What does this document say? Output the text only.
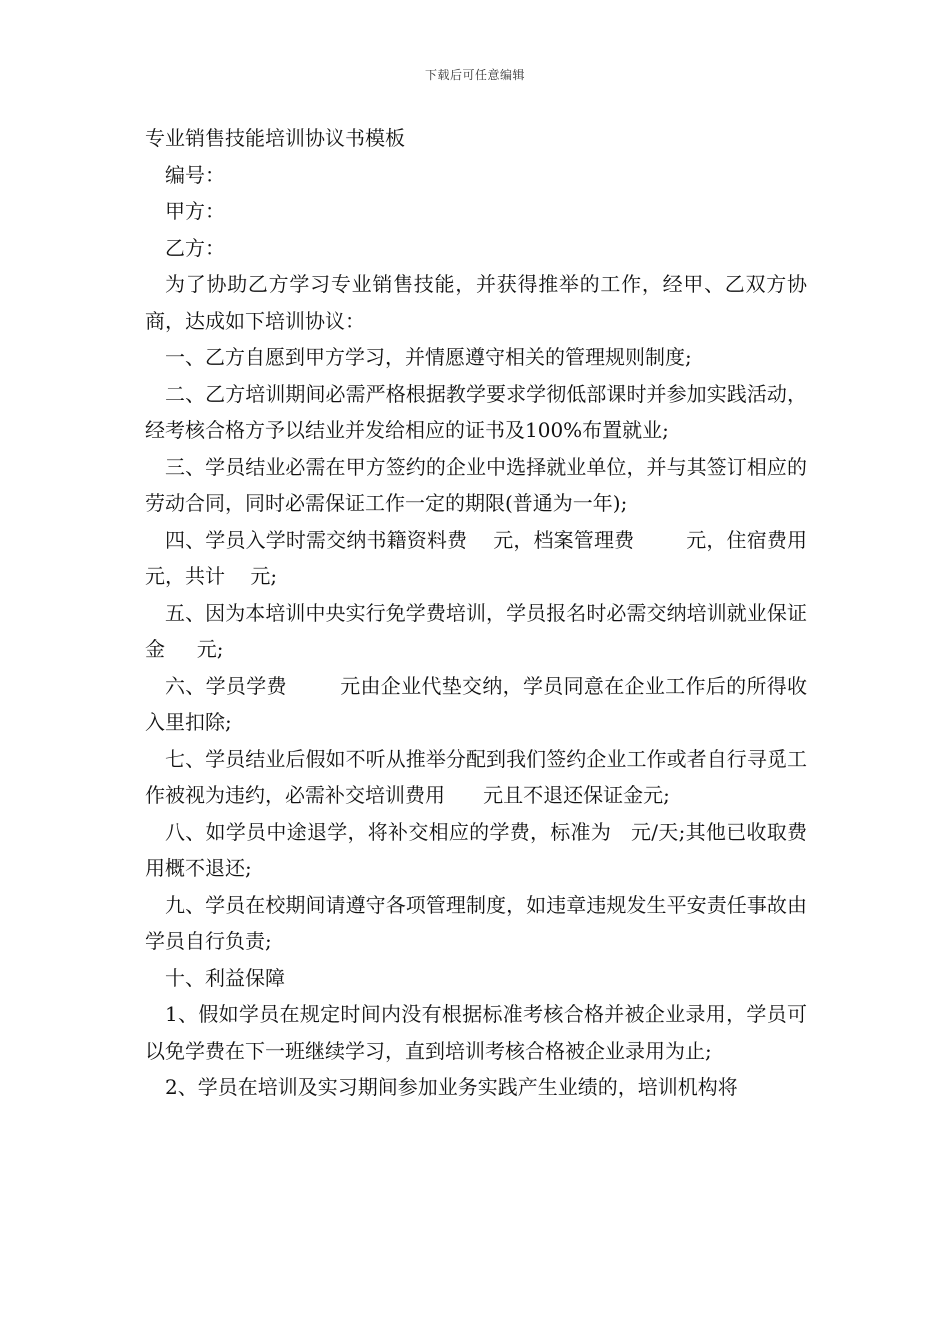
下载后可任意编辑
专业销售技能培训协议书模板

编号：

甲方：

乙方：

为了协助乙方学习专业销售技能，并获得推举的工作，经甲、乙双方协商，达成如下培训协议：

一、乙方自愿到甲方学习，并情愿遵守相关的管理规则制度;

二、乙方培训期间必需严格根据教学要求学彻低部课时并参加实践活动，经考核合格方予以结业并发给相应的证书及100%布置就业;

三、学员结业必需在甲方签约的企业中选择就业单位，并与其签订相应的劳动合同，同时必需保证工作一定的期限(普通为一年);

四、学员入学时需交纳书籍资料费    元，档案管理费        元，住宿费用    元，共计    元;

五、因为本培训中央实行免学费培训，学员报名时必需交纳培训就业保证金     元;

六、学员学费        元由企业代垫交纳，学员同意在企业工作后的所得收入里扣除;

七、学员结业后假如不听从推举分配到我们签约企业工作或者自行寻觅工作被视为违约，必需补交培训费用      元且不退还保证金元;

八、如学员中途退学，将补交相应的学费，标准为   元/天;其他已收取费用概不退还;

九、学员在校期间请遵守各项管理制度，如违章违规发生平安责任事故由学员自行负责;

十、利益保障

1、假如学员在规定时间内没有根据标准考核合格并被企业录用，学员可以免学费在下一班继续学习，直到培训考核合格被企业录用为止;

2、学员在培训及实习期间参加业务实践产生业绩的，培训机构将
